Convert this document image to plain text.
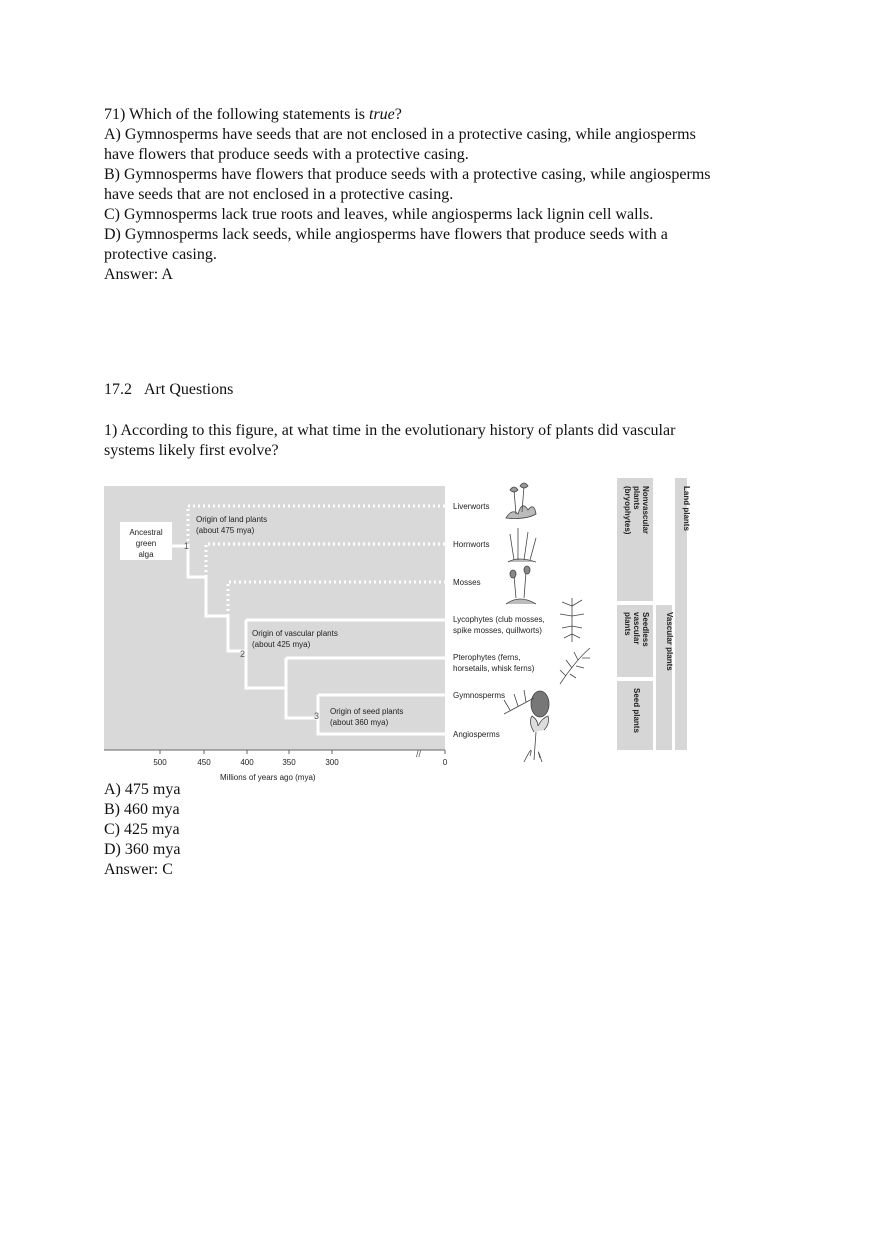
71) Which of the following statements is true?

A) Gymnosperms have seeds that are not enclosed in a protective casing, while angiosperms

have flowers that produce seeds with a protective casing.

B) Gymnosperms have flowers that produce seeds with a protective casing, while angiosperms

have seeds that are not enclosed in a protective casing.

C) Gymnosperms lack true roots and leaves, while angiosperms lack lignin cell walls.

D) Gymnosperms lack seeds, while angiosperms have flowers that produce seeds with a

protective casing.

Answer: A

17.2 Art Questions

1) According to this figure, at what time in the evolutionary history of plants did vascular

systems likely first evolve?

Ancestral
green
alga
1
2
3
Origin of land plants
(about 475 mya)
Origin of vascular plants
(about 425 mya)
Origin of seed plants
(about 360 mya)
Liverworts
Hornworts
Mosses
Lycophytes (club mosses,
spike mosses, quillworts)
Pterophytes (ferns,
horsetails, whisk ferns)
Gymnosperms
Angiosperms
500	450	400	350	300	0
//
Millions of years ago (mya)
Nonvascular
plants
(bryophytes)
Seedless
vascular
plants
Seed plants
Vascular plants
Land plants

A) 475 mya

B) 460 mya

C) 425 mya

D) 360 mya

Answer: C
